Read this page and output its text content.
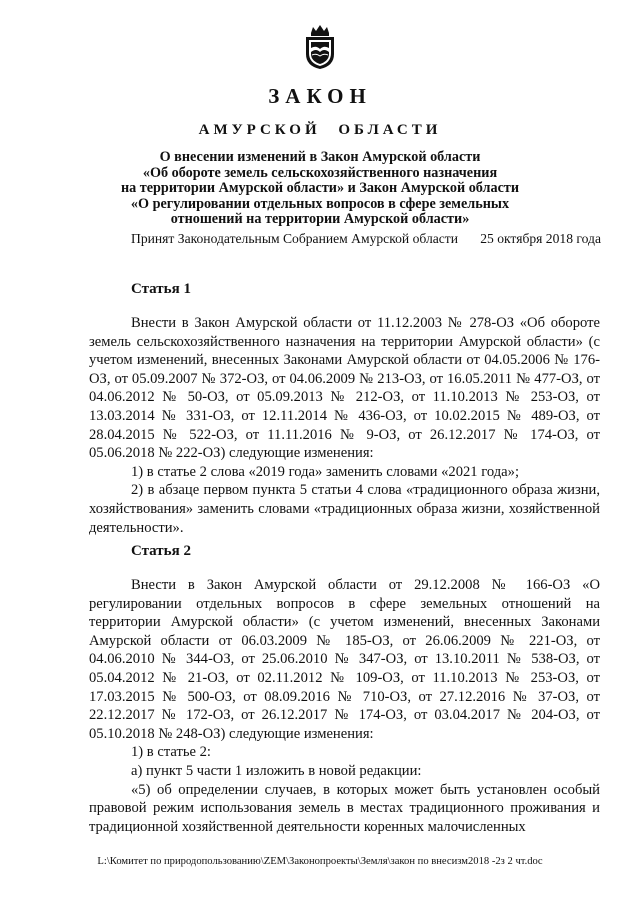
ЗАКОН
АМУРСКОЙ ОБЛАСТИ
О внесении изменений в Закон Амурской области
«Об обороте земель сельскохозяйственного назначения
на территории Амурской области» и Закон Амурской области
«О регулировании отдельных вопросов в сфере земельных
отношений на территории Амурской области»
Принят Законодательным Собранием Амурской области 25 октября 2018 года
Статья 1

Внести в Закон Амурской области от 11.12.2003 № 278-ОЗ «Об обороте земель сельскохозяйственного назначения на территории Амурской области» (с учетом изменений, внесенных Законами Амурской области от 04.05.2006 № 176-ОЗ, от 05.09.2007 № 372-ОЗ, от 04.06.2009 № 213-ОЗ, от 16.05.2011 № 477-ОЗ, от 04.06.2012 № 50-ОЗ, от 05.09.2013 № 212-ОЗ, от 11.10.2013 № 253-ОЗ, от 13.03.2014 № 331-ОЗ, от 12.11.2014 № 436-ОЗ, от 10.02.2015 № 489-ОЗ, от 28.04.2015 № 522-ОЗ, от 11.11.2016 № 9-ОЗ, от 26.12.2017 № 174-ОЗ, от 05.06.2018 № 222-ОЗ) следующие изменения:

1) в статье 2 слова «2019 года» заменить словами «2021 года»;

2) в абзаце первом пункта 5 статьи 4 слова «традиционного образа жизни, хозяйствования» заменить словами «традиционных образа жизни, хозяйственной деятельности».

Статья 2

Внести в Закон Амурской области от 29.12.2008 № 166-ОЗ «О регулировании отдельных вопросов в сфере земельных отношений на территории Амурской области» (с учетом изменений, внесенных Законами Амурской области от 06.03.2009 № 185-ОЗ, от 26.06.2009 № 221-ОЗ, от 04.06.2010 № 344-ОЗ, от 25.06.2010 № 347-ОЗ, от 13.10.2011 № 538-ОЗ, от 05.04.2012 № 21-ОЗ, от 02.11.2012 № 109-ОЗ, от 11.10.2013 № 253-ОЗ, от 17.03.2015 № 500-ОЗ, от 08.09.2016 № 710-ОЗ, от 27.12.2016 № 37-ОЗ, от 22.12.2017 № 172-ОЗ, от 26.12.2017 № 174-ОЗ, от 03.04.2017 № 204-ОЗ, от 05.10.2018 № 248-ОЗ) следующие изменения:

1) в статье 2:

а) пункт 5 части 1 изложить в новой редакции:

«5) об определении случаев, в которых может быть установлен особый правовой режим использования земель в местах традиционного проживания и традиционной хозяйственной деятельности коренных малочисленных

L:\Комитет по природопользованию\ZEM\Законопроекты\Земля\закон по внесизм2018 -2з 2 чт.doc
